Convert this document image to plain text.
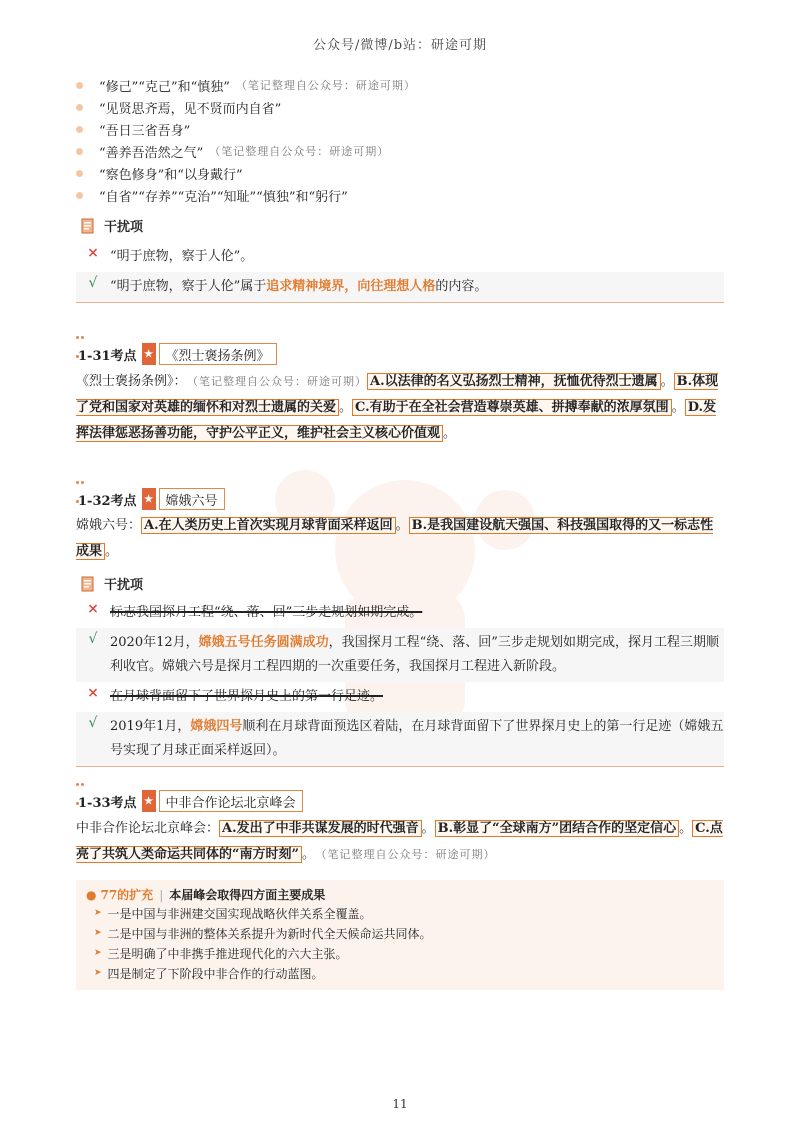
公众号/微博/b站：研途可期
“修己”“克己”和“慎独” （笔记整理自公众号：研途可期）
“见贤思齐焉，见不贤而内自省”
“吾日三省吾身”
“善养吾浩然之气” （笔记整理自公众号：研途可期）
“察色修身”和“以身戴行”
“自省”“存养”“克治”“知耻”“慎独”和“躬行”
干扰项
× “明于庶物，察于人伦”。
√ “明于庶物，察于人伦”属于追求精神境界，向往理想人格的内容。
1-31考点 ★ 《烈士褒扬条例》
《烈士褒扬条例》： （笔记整理自公众号：研途可期） A.以法律的名义弘扬烈士精神，抚恤优待烈士遗属 。 B.体现了党和国家对英雄的缅怀和对烈士遗属的关爱 。 C.有助于在全社会营造尊崇英雄、拼搏奉献的浓厚氛围 。 D.发挥法律惩恶扬善功能，守护公平正义，维护社会主义核心价值观 。
1-32考点 ★ 嫦娥六号
嫦娥六号： A.在人类历史上首次实现月球背面采样返回 。 B.是我国建设航天强国、科技强国取得的又一标志性成果 。
干扰项
× 标志我国探月工程“绕、落、回”三步走规划如期完成。
√ 2020年12月，嫦娥五号任务圆满成功，我国探月工程“绕、落、回”三步走规划如期完成，探月工程三期顺利收官。嫦娥六号是探月工程四期的一次重要任务，我国探月工程进入新阶段。
× 在月球背面留下了世界探月史上的第一行足迹。
√ 2019年1月，嫦娥四号顺利在月球背面预选区着陆，在月球背面留下了世界探月史上的第一行足迹（嫦娥五号实现了月球正面采样返回）。
1-33考点 ★ 中非合作论坛北京峰会
中非合作论坛北京峰会： A.发出了中非共谋发展的时代强音 。 B.彰显了“全球南方”团结合作的坚定信心 。 C.点亮了共筑人类命运共同体的“南方时刻” 。 （笔记整理自公众号：研途可期）
● 77的扩充 | 本届峰会取得四方面主要成果
➤ 一是中国与非洲建交国实现战略伙伴关系全覆盖。
➤ 二是中国与非洲的整体关系提升为新时代全天候命运共同体。
➤ 三是明确了中非携手推进现代化的六大主张。
➤ 四是制定了下阶段中非合作的行动蓝图。
11
